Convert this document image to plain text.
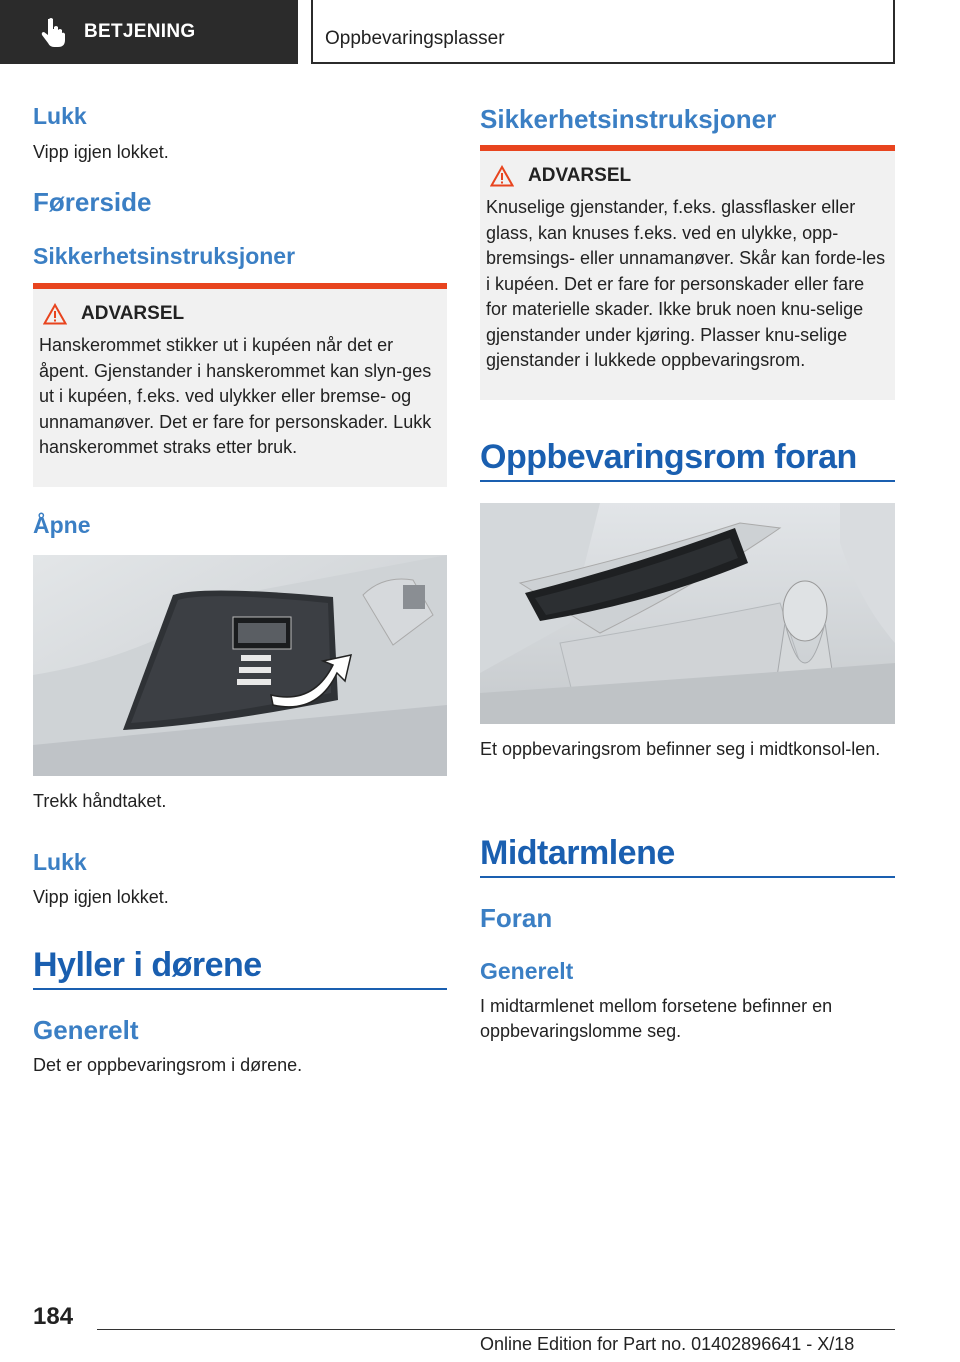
BETJENING	Oppbevaringsplasser
Lukk
Vipp igjen lokket.
Førerside
Sikkerhetsinstruksjoner
ADVARSEL
Hanskerommet stikker ut i kupéen når det er åpent. Gjenstander i hanskerommet kan slyn-ges ut i kupéen, f.eks. ved ulykker eller bremse- og unnamanøver. Det er fare for personskader. Lukk hanskerommet straks etter bruk.
Åpne
Trekk håndtaket.
Lukk
Vipp igjen lokket.
Hyller i dørene
Generelt
Det er oppbevaringsrom i dørene.
Sikkerhetsinstruksjoner
ADVARSEL
Knuselige gjenstander, f.eks. glassflasker eller glass, kan knuses f.eks. ved en ulykke, opp-bremsings- eller unnamanøver. Skår kan forde-les i kupéen. Det er fare for personskader eller fare for materielle skader. Ikke bruk noen knu-selige gjenstander under kjøring. Plasser knu-selige gjenstander i lukkede oppbevaringsrom.
Oppbevaringsrom foran
Et oppbevaringsrom befinner seg i midtkonsol-len.
Midtarmlene
Foran
Generelt
I midtarmlenet mellom forsetene befinner en oppbevaringslomme seg.
184
Online Edition for Part no. 01402896641 - X/18
